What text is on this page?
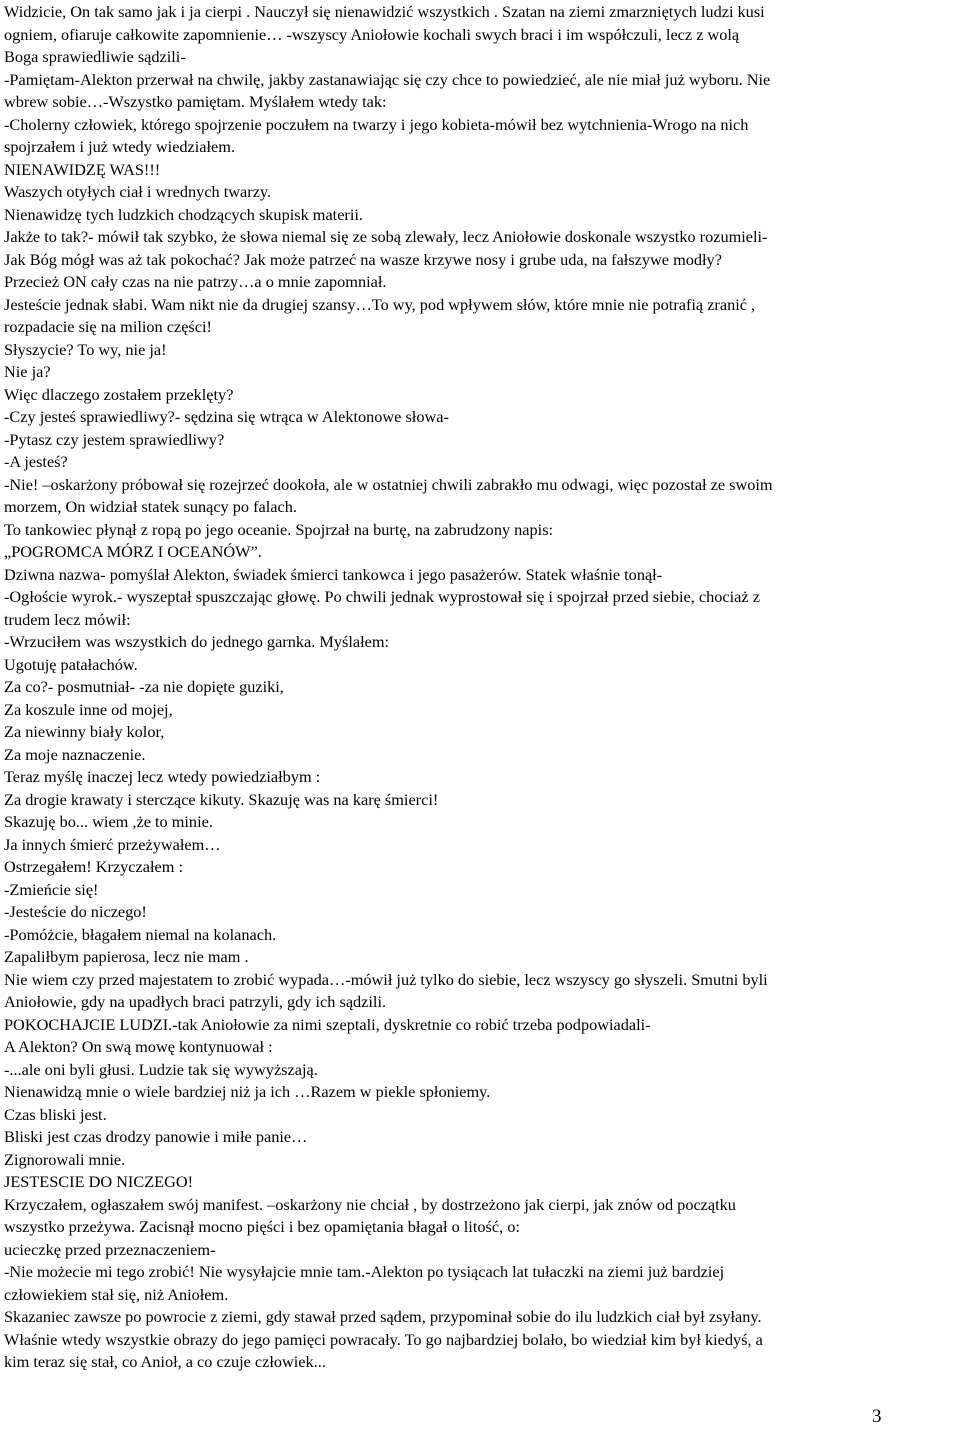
Widzicie, On tak samo jak i ja cierpi . Nauczył się nienawidzić wszystkich . Szatan na ziemi zmarzniętych ludzi kusi
ogniem, ofiaruje całkowite zapomnienie… -wszyscy Aniołowie kochali swych braci i im współczuli, lecz z wolą
Boga sprawiedliwie sądzili-
-Pamiętam-Alekton przerwał na chwilę, jakby zastanawiając się czy chce to powiedzieć, ale nie miał już wyboru. Nie
wbrew sobie…-Wszystko pamiętam. Myślałem wtedy tak:
-Cholerny człowiek, którego spojrzenie poczułem na twarzy i jego kobieta-mówił bez wytchnienia-Wrogo na nich
spojrzałem i już wtedy wiedziałem.
NIENAWIDZĘ WAS!!!
Waszych otyłych ciał i wrednych twarzy.
Nienawidzę tych ludzkich chodzących skupisk materii.
Jakże to tak?- mówił tak szybko, że słowa niemal się ze sobą zlewały, lecz Aniołowie doskonale wszystko rozumieli-
Jak Bóg mógł was aż tak pokochać? Jak może patrzeć na wasze krzywe nosy i grube uda, na fałszywe modły?
Przecież ON cały czas na nie patrzy…a o mnie zapomniał.
Jesteście jednak słabi. Wam nikt nie da drugiej szansy…To wy, pod wpływem słów, które mnie nie potrafią zranić ,
rozpadacie się na milion części!
Słyszycie? To wy, nie ja!
Nie ja?
Więc dlaczego zostałem przeklęty?
-Czy jesteś sprawiedliwy?- sędzina się wtrąca w Alektonowe słowa-
-Pytasz czy jestem sprawiedliwy?
-A jesteś?
-Nie! –oskarżony próbował się rozejrzeć dookoła, ale w ostatniej chwili zabrakło mu odwagi, więc pozostał ze swoim
morzem, On widział statek sunący po falach.
To tankowiec płynął z ropą po jego oceanie. Spojrzał na burtę, na zabrudzony napis:
„POGROMCA MÓRZ I OCEANÓW”.
Dziwna nazwa- pomyślał Alekton, świadek śmierci tankowca i jego pasażerów. Statek właśnie tonął-
-Ogłoście wyrok.- wyszeptał spuszczając głowę. Po chwili jednak wyprostował się i spojrzał przed siebie, chociaż z
trudem lecz mówił:
-Wrzuciłem was wszystkich do jednego garnka. Myślałem:
Ugotuję patałachów.
Za co?- posmutniał- -za nie dopięte guziki,
Za koszule inne od mojej,
Za niewinny biały kolor,
Za moje naznaczenie.
Teraz myślę inaczej lecz wtedy powiedziałbym :
Za drogie krawaty i sterczące kikuty. Skazuję was na karę śmierci!
Skazuję bo... wiem ,że to minie.
Ja innych śmierć przeżywałem…
Ostrzegałem! Krzyczałem :
-Zmieńcie się!
-Jesteście do niczego!
-Pomóżcie, błagałem niemal na kolanach.
Zapaliłbym papierosa, lecz nie mam .
Nie wiem czy przed majestatem to zrobić wypada…-mówił już tylko do siebie, lecz wszyscy go słyszeli. Smutni byli
Aniołowie, gdy na upadłych braci patrzyli, gdy ich sądzili.
POKOCHAJCIE LUDZI.-tak Aniołowie za nimi szeptali, dyskretnie co robić trzeba podpowiadali-
A Alekton? On swą mowę kontynuował :
-...ale oni byli głusi. Ludzie tak się wywyższają.
Nienawidzą mnie o wiele bardziej niż ja ich …Razem w piekle spłoniemy.
Czas bliski jest.
Bliski jest czas drodzy panowie i miłe panie…
Zignorowali mnie.
JESTESCIE DO NICZEGO!
Krzyczałem, ogłaszałem swój manifest. –oskarżony nie chciał , by dostrzeżono jak cierpi, jak znów od początku
wszystko przeżywa. Zacisnął mocno pięści i bez opamiętania błagał o litość, o:
ucieczkę przed przeznaczeniem-
-Nie możecie mi tego zrobić! Nie wysyłajcie mnie tam.-Alekton po tysiącach lat tułaczki na ziemi już bardziej
człowiekiem stał się, niż Aniołem.
Skazaniec zawsze po powrocie z ziemi, gdy stawał przed sądem, przypominał sobie do ilu ludzkich ciał był zsyłany.
Właśnie wtedy wszystkie obrazy do jego pamięci powracały. To go najbardziej bolało, bo wiedział kim był kiedyś, a
kim teraz się stał, co Anioł, a co czuje człowiek...
3
